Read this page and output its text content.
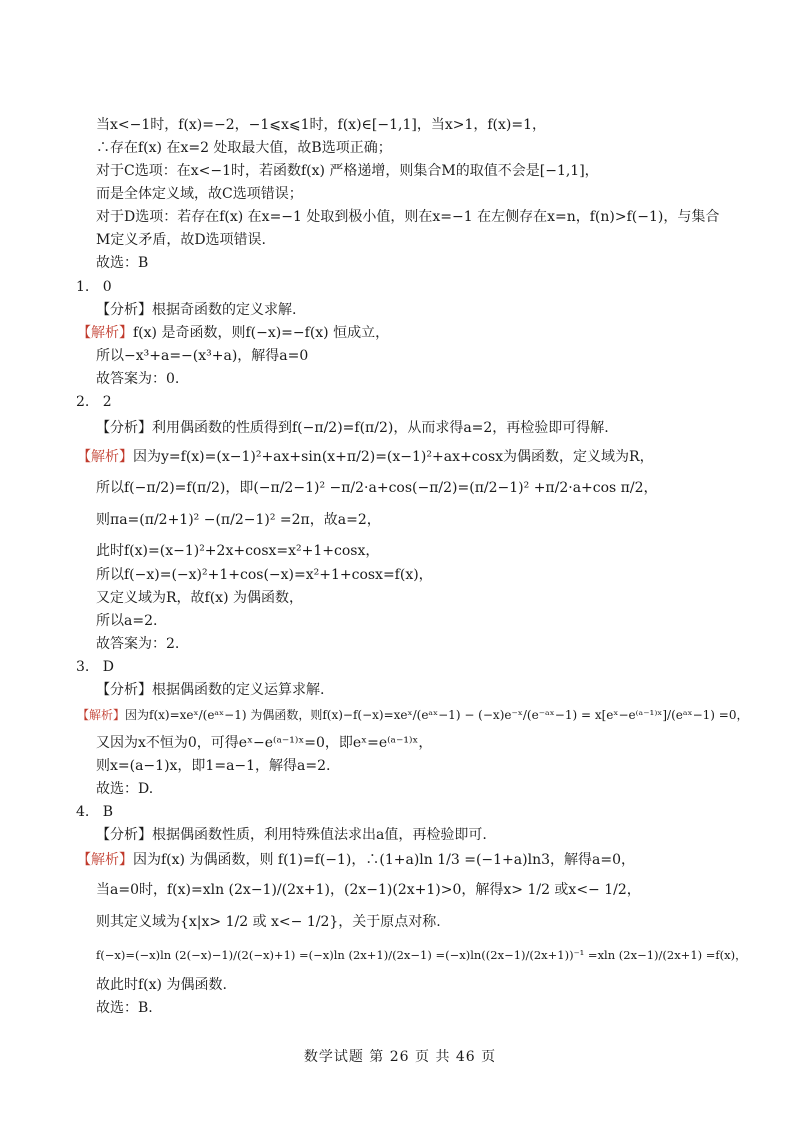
当x<−1时，f(x)=−2，−1⩽x⩽1时，f(x)∈[−1,1]，当x>1，f(x)=1，
∴存在f(x) 在x=2 处取最大值，故B选项正确；
对于C选项：在x<−1时，若函数f(x) 严格递增，则集合M的取值不会是[−1,1]，
而是全体定义域，故C选项错误；
对于D选项：若存在f(x) 在x=−1 处取到极小值，则在x=−1 在左侧存在x=n，f(n)>f(−1)，与集合
M定义矛盾，故D选项错误.
故选：B
1. 0
【分析】根据奇函数的定义求解.
【解析】f(x) 是奇函数，则f(−x)=−f(x) 恒成立，
所以−x³+a=−(x³+a)，解得a=0
故答案为：0.
2. 2
【分析】利用偶函数的性质得到f(−π/2)=f(π/2)，从而求得a=2，再检验即可得解.
【解析】因为y=f(x)=(x−1)²+ax+sin(x+π/2)=(x−1)²+ax+cosx为偶函数，定义域为R，
所以f(−π/2)=f(π/2)，即(−π/2−1)² −π/2·a+cos(−π/2)=(π/2−1)² +π/2·a+cos π/2，
则πa=(π/2+1)² −(π/2−1)² =2π，故a=2，
此时f(x)=(x−1)²+2x+cosx=x²+1+cosx，
所以f(−x)=(−x)²+1+cos(−x)=x²+1+cosx=f(x)，
又定义域为R，故f(x) 为偶函数，
所以a=2.
故答案为：2.
3. D
【分析】根据偶函数的定义运算求解.
【解析】因为f(x)=xeˣ/(eᵃˣ−1) 为偶函数，则f(x)−f(−x)=xeˣ/(eᵃˣ−1) − (−x)e⁻ˣ/(e⁻ᵃˣ−1) = x[eˣ−e⁽ᵃ⁻¹⁾ˣ]/(eᵃˣ−1) =0，
又因为x不恒为0，可得eˣ−e⁽ᵃ⁻¹⁾ˣ=0，即eˣ=e⁽ᵃ⁻¹⁾ˣ，
则x=(a−1)x，即1=a−1，解得a=2.
故选：D.
4. B
【分析】根据偶函数性质，利用特殊值法求出a值，再检验即可.
【解析】因为f(x) 为偶函数，则 f(1)=f(−1)，∴(1+a)ln 1/3 =(−1+a)ln3，解得a=0，
当a=0时，f(x)=xln (2x−1)/(2x+1)，(2x−1)(2x+1)>0，解得x> 1/2 或x<− 1/2，
则其定义域为{x|x> 1/2 或 x<− 1/2}，关于原点对称.
f(−x)=(−x)ln (2(−x)−1)/(2(−x)+1) =(−x)ln (2x+1)/(2x−1) =(−x)ln((2x−1)/(2x+1))⁻¹ =xln (2x−1)/(2x+1) =f(x)，
故此时f(x) 为偶函数.
故选：B.
数学试题 第 26 页 共 46 页
